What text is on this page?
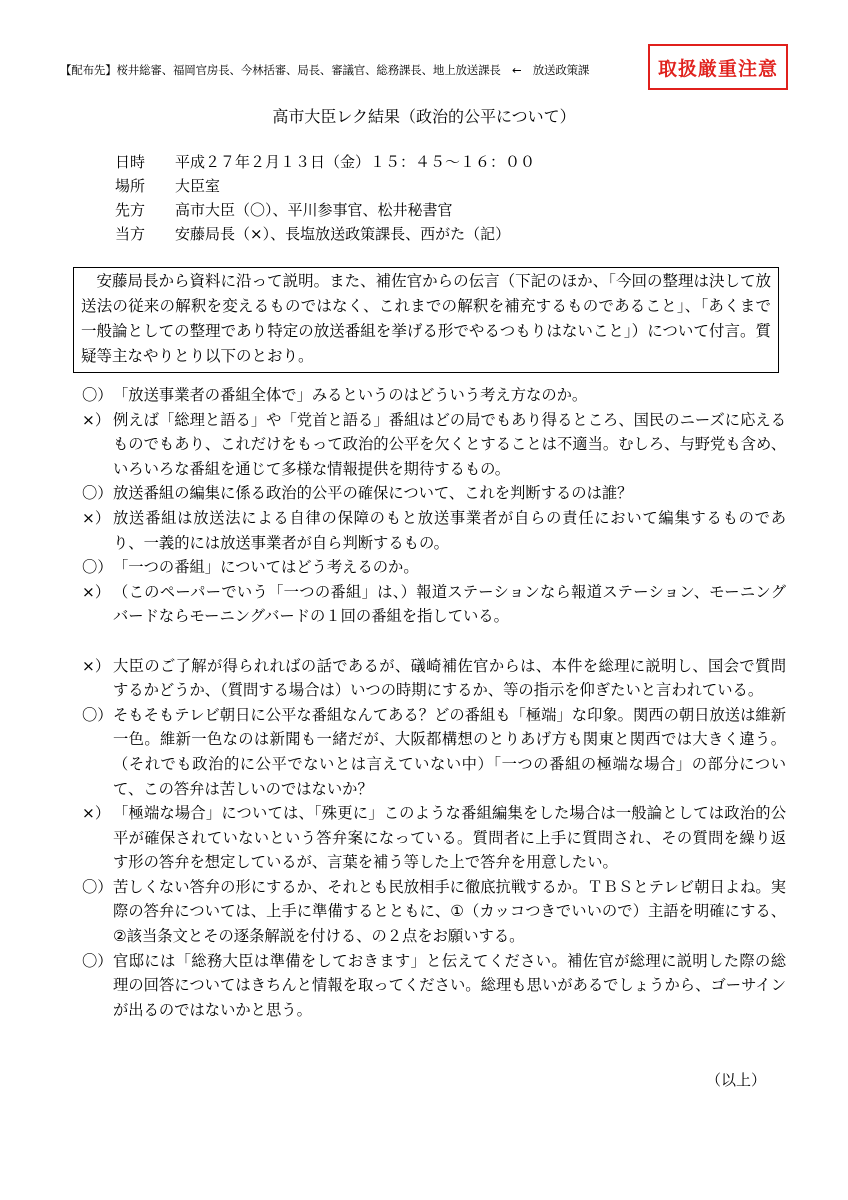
【配布先】桜井総審、福岡官房長、今林括審、局長、審議官、総務課長、地上放送課長　←　放送政策課	取扱厳重注意
高市大臣レク結果（政治的公平について）
日時	平成２７年２月１３日（金）１５：４５〜１６：００
場所	大臣室
先方	高市大臣（〇）、平川参事官、松井秘書官
当方	安藤局長（×）、長塩放送政策課長、西がた（記）

安藤局長から資料に沿って説明。また、補佐官からの伝言（下記のほか、「今回の整理は決して放送法の従来の解釈を変えるものではなく、これまでの解釈を補充するものであること」、「あくまで一般論としての整理であり特定の放送番組を挙げる形でやるつもりはないこと」）について付言。質疑等主なやりとり以下のとおり。

〇） 「放送事業者の番組全体で」みるというのはどういう考え方なのか。
×） 例えば「総理と語る」や「党首と語る」番組はどの局でもあり得るところ、国民のニーズに応えるものでもあり、これだけをもって政治的公平を欠くとすることは不適当。むしろ、与野党も含め、いろいろな番組を通じて多様な情報提供を期待するもの。
〇） 放送番組の編集に係る政治的公平の確保について、これを判断するのは誰？
×） 放送番組は放送法による自律の保障のもと放送事業者が自らの責任において編集するものであり、一義的には放送事業者が自ら判断するもの。
〇） 「一つの番組」についてはどう考えるのか。
×） （このペーパーでいう「一つの番組」は、）報道ステーションなら報道ステーション、モーニングバードならモーニングバードの１回の番組を指している。
×） 大臣のご了解が得られればの話であるが、礒崎補佐官からは、本件を総理に説明し、国会で質問するかどうか、（質問する場合は）いつの時期にするか、等の指示を仰ぎたいと言われている。
〇） そもそもテレビ朝日に公平な番組なんてある？どの番組も「極端」な印象。関西の朝日放送は維新一色。維新一色なのは新聞も一緒だが、大阪都構想のとりあげ方も関東と関西では大きく違う。（それでも政治的に公平でないとは言えていない中）「一つの番組の極端な場合」の部分について、この答弁は苦しいのではないか？
×） 「極端な場合」については、「殊更に」このような番組編集をした場合は一般論としては政治的公平が確保されていないという答弁案になっている。質問者に上手に質問され、その質問を繰り返す形の答弁を想定しているが、言葉を補う等した上で答弁を用意したい。
〇） 苦しくない答弁の形にするか、それとも民放相手に徹底抗戦するか。ＴＢＳとテレビ朝日よね。実際の答弁については、上手に準備するとともに、①（カッコつきでいいので）主語を明確にする、②該当条文とその逐条解説を付ける、の２点をお願いする。
〇） 官邸には「総務大臣は準備をしておきます」と伝えてください。補佐官が総理に説明した際の総理の回答についてはきちんと情報を取ってください。総理も思いがあるでしょうから、ゴーサインが出るのではないかと思う。
（以上）
